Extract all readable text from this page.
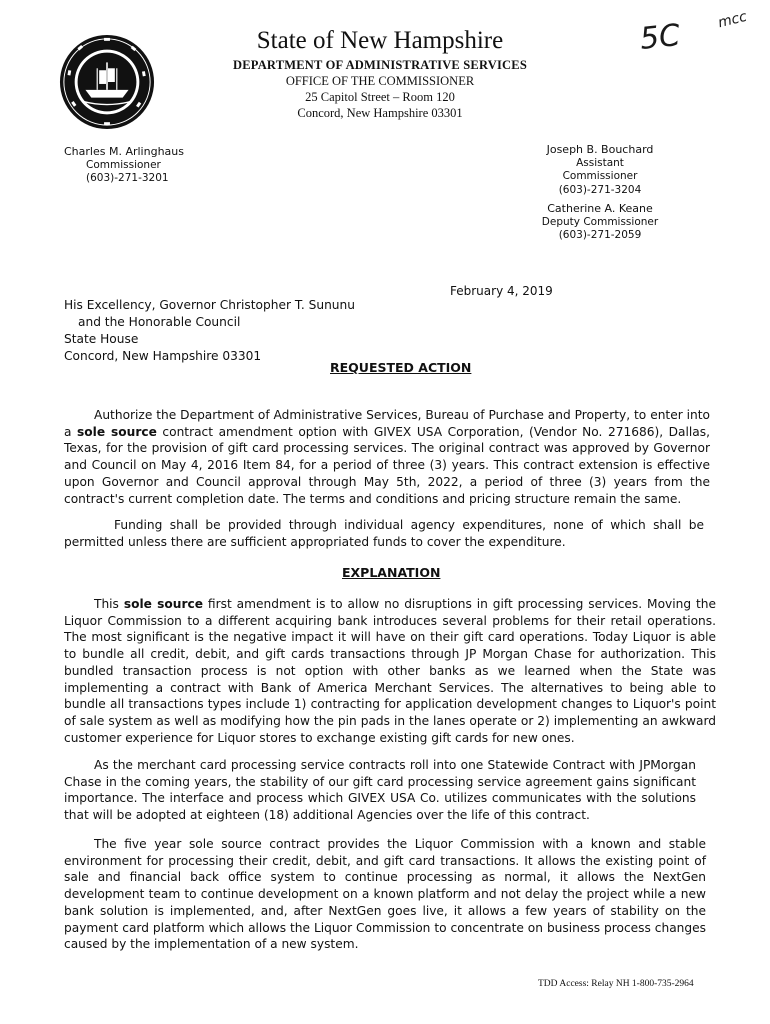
State of New Hampshire
DEPARTMENT OF ADMINISTRATIVE SERVICES
OFFICE OF THE COMMISSIONER
25 Capitol Street – Room 120
Concord, New Hampshire 03301
5C mcc
Charles M. Arlinghaus
Commissioner
(603)-271-3201
Joseph B. Bouchard
Assistant Commissioner
(603)-271-3204
Catherine A. Keane
Deputy Commissioner
(603)-271-2059
February 4, 2019
His Excellency, Governor Christopher T. Sununu
and the Honorable Council
State House
Concord, New Hampshire 03301
REQUESTED ACTION
Authorize the Department of Administrative Services, Bureau of Purchase and Property, to enter into a sole source contract amendment option with GIVEX USA Corporation, (Vendor No. 271686), Dallas, Texas, for the provision of gift card processing services. The original contract was approved by Governor and Council on May 4, 2016 Item 84, for a period of three (3) years. This contract extension is effective upon Governor and Council approval through May 5th, 2022, a period of three (3) years from the contract's current completion date. The terms and conditions and pricing structure remain the same.
Funding shall be provided through individual agency expenditures, none of which shall be permitted unless there are sufficient appropriated funds to cover the expenditure.
EXPLANATION
This sole source first amendment is to allow no disruptions in gift processing services. Moving the Liquor Commission to a different acquiring bank introduces several problems for their retail operations. The most significant is the negative impact it will have on their gift card operations. Today Liquor is able to bundle all credit, debit, and gift cards transactions through JP Morgan Chase for authorization. This bundled transaction process is not option with other banks as we learned when the State was implementing a contract with Bank of America Merchant Services. The alternatives to being able to bundle all transactions types include 1) contracting for application development changes to Liquor's point of sale system as well as modifying how the pin pads in the lanes operate or 2) implementing an awkward customer experience for Liquor stores to exchange existing gift cards for new ones.
As the merchant card processing service contracts roll into one Statewide Contract with JPMorgan Chase in the coming years, the stability of our gift card processing service agreement gains significant importance. The interface and process which GIVEX USA Co. utilizes communicates with the solutions that will be adopted at eighteen (18) additional Agencies over the life of this contract.
The five year sole source contract provides the Liquor Commission with a known and stable environment for processing their credit, debit, and gift card transactions. It allows the existing point of sale and financial back office system to continue processing as normal, it allows the NextGen development team to continue development on a known platform and not delay the project while a new bank solution is implemented, and, after NextGen goes live, it allows a few years of stability on the payment card platform which allows the Liquor Commission to concentrate on business process changes caused by the implementation of a new system.
TDD Access: Relay NH 1-800-735-2964
